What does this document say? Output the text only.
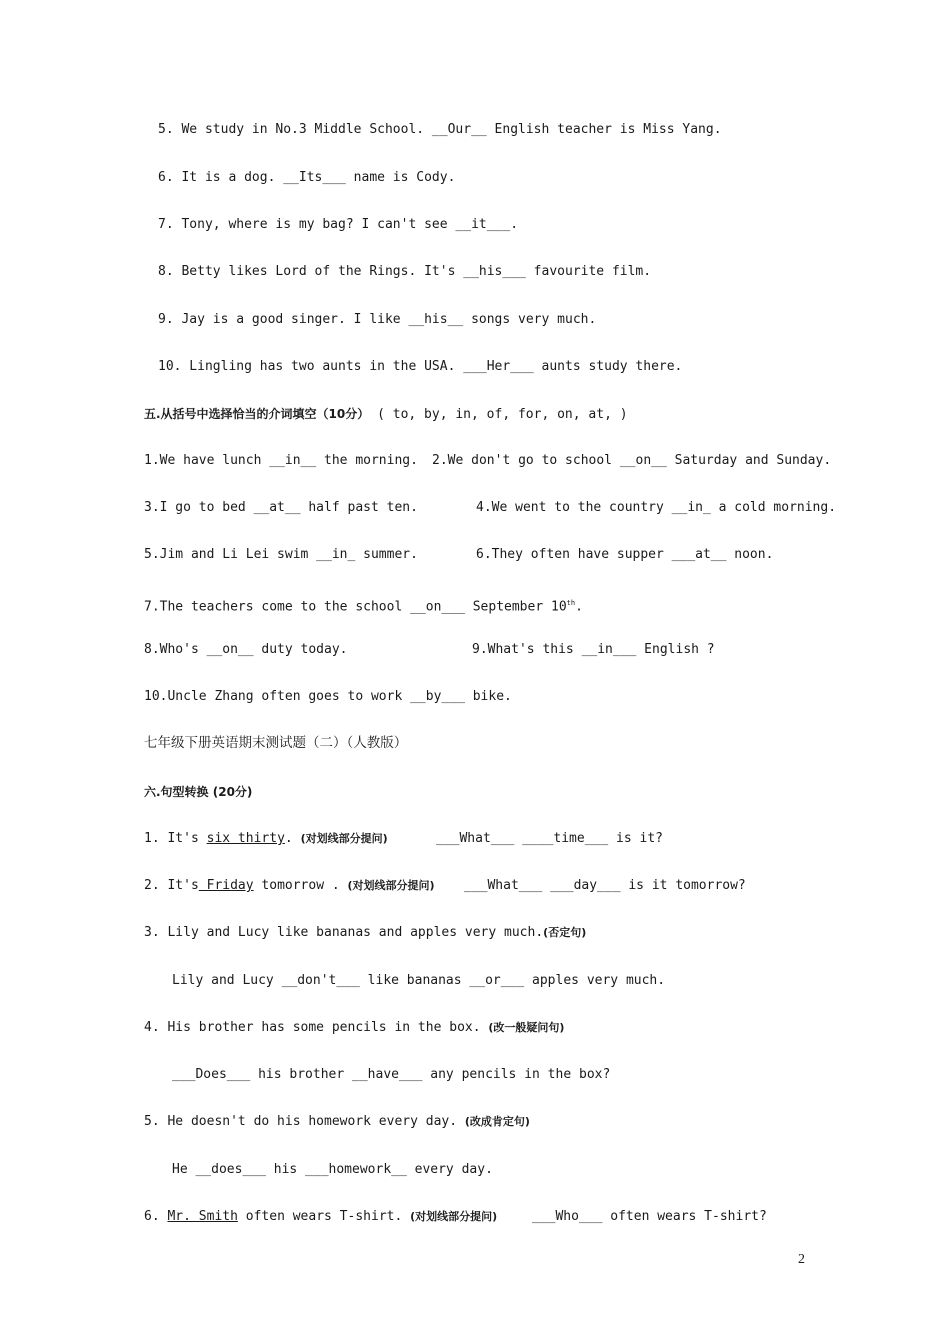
5. We study in No.3 Middle School. __Our__ English teacher is Miss Yang.
6. It is a dog. __Its___ name is Cody.
7. Tony, where is my bag? I can't see __it___.
8. Betty likes Lord of the Rings. It's __his___ favourite film.
9. Jay is a good singer. I like __his__ songs very much.
10. Lingling has two aunts in the USA. ___Her___ aunts study there.
五.从括号中选择恰当的介词填空（10分） ( to, by, in, of, for, on, at, )
1.We have lunch __in__ the morning. 2.We don't go to school __on__ Saturday and Sunday.
3.I go to bed __at__ half past ten.	4.We went to the country __in_ a cold morning.
5.Jim and Li Lei swim __in_ summer.	6.They often have supper ___at__ noon.
7.The teachers come to the school __on___ September 10th.
8.Who's __on__ duty today.	9.What's this __in___ English ?
10.Uncle Zhang often goes to work __by___ bike.
七年级下册英语期末测试题（二）（人教版）
六.句型转换 (20分)
1. It's six thirty. (对划线部分提问)	___What___ ____time___ is it?
2. It's Friday tomorrow . (对划线部分提问) ___What___ ___day___ is it tomorrow?
3. Lily and Lucy like bananas and apples very much.(否定句)
Lily and Lucy __don't___ like bananas __or___ apples very much.
4. His brother has some pencils in the box. (改一般疑问句)
___Does___ his brother __have___ any pencils in the box?
5. He doesn't do his homework every day. (改成肯定句)
He __does___ his ___homework__ every day.
6. Mr. Smith often wears T-shirt. (对划线部分提问)	___Who___ often wears T-shirt?
2
